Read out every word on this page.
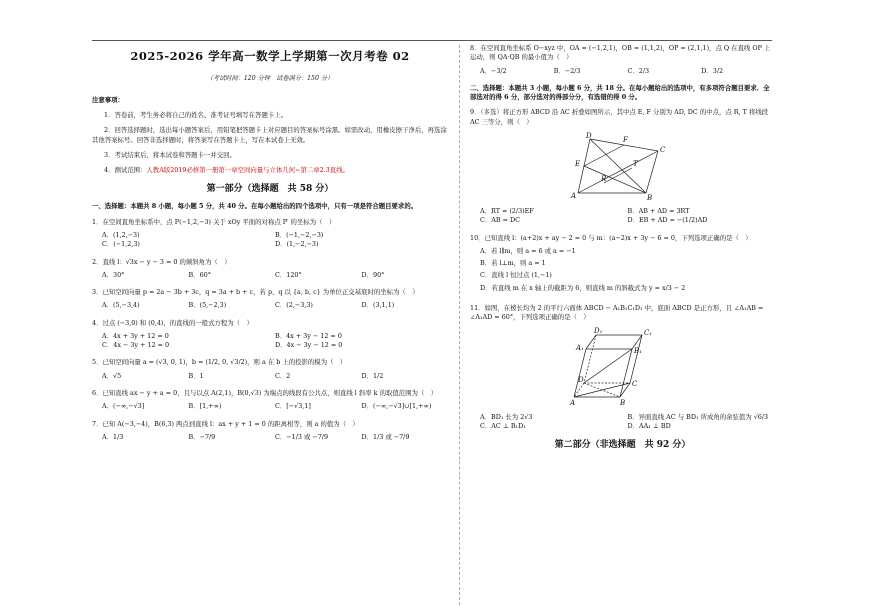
2025-2026 学年高一数学上学期第一次月考卷 02
（考试时间：120 分钟　试卷满分：150 分）
注意事项：
1．答卷前，考生务必将自己的姓名、准考证号填写在答题卡上。
2．回答选择题时，选出每小题答案后，用铅笔把答题卡上对应题目的答案标号涂黑。如需改动，用橡皮擦干净后，再选涂其他答案标号。回答非选择题时，将答案写在答题卡上，写在本试卷上无效。
3．考试结束后，将本试卷和答题卡一并交回。
4．测试范围：人教A版2019必修第一册第一章空间向量与立体几何~第二章2.3直线。
第一部分（选择题　共 58 分）
一、选择题：本题共 8 小题，每小题 5 分，共 40 分。在每小题给出的四个选项中，只有一项是符合题目要求的。
1．在空间直角坐标系中，点 P(−1,2,−3) 关于 xOy 平面的对称点 P′ 的坐标为（　）
A．(1,2,−3)	B．(−1,−2,−3)
C．(−1,2,3)	D．(1,−2,−3)
2．直线 l：√3x − y − 3 = 0 的倾斜角为（　）
A．30°	B．60°	C．120°	D．90°
3．已知空间向量 p = 2a − 3b + 3c，q = 3a + b + c，若 p、q 以 {a, b, c} 为单位正交基底时的坐标为（　）
A．(5,−3,4)	B．(5,−2,3)	C．(2,−3,3)	D．(3,1,1)
4．过点 (−3,0) 和 (0,4)，的直线的一般式方程为（　）
A．4x + 3y + 12 = 0	B．4x + 3y − 12 = 0
C．4x − 3y + 12 = 0	D．4x − 3y − 12 = 0
5．已知空间向量 a = (√3, 0, 1)，b = (1/2, 0, √3/2)，则 a 在 b 上的投影的模为（　）
A．√5	B．1	C．2	D．1/2
6．已知直线 ax − y + a = 0，且与以点 A(2,1)，B(0,√3) 为端点的线段有公共点，则直线 l 斜率 k 的取值范围为（　）
A．(−∞,−√3]	B．[1,+∞)	C．[−√3,1]	D．(−∞,−√3]∪[1,+∞)
7．已知 A(−3,−4)，B(6,3) 两点到直线 l：ax + y + 1 = 0 的距离相等，则 a 的值为（　）
A．1/3	B．−7/9	C．−1/3 或 −7/9	D．1/3 或 −7/9
8．在空间直角坐标系 O−xyz 中，OA = (−1,2,1)，OB = (1,1,2)，OP = (2,1,1)，点 Q 在直线 OP 上运动，则 QA·QB 的最小值为（　）
A．−3/2	B．−2/3	C．2/3	D．3/2
二、选择题：本题共 3 小题，每小题 6 分，共 18 分。在每小题给出的选项中，有多项符合题目要求．全部选对的得 6 分，部分选对的得部分分，有选错的得 0 分。
9．（多选）将正方形 ABCD 沿 AC 折叠如图所示，其中点 E, F 分别为 AD, DC 的中点，点 R, T 将线段 AC 三等分，则（　）
D	F
C
E
R
T
A	B
A．RT = (2/3)EF	B．AB + AD = 3RT
C．AB = DC	D．EB + AD = −(1/2)AD
10．已知直线 l：(a+2)x + ay − 2 = 0 与 m：(a−2)x + 3y − 6 = 0，下列选项正确的是（　）
A．若 l∥m，则 a = 6 或 a = −1
B．若 l⊥m，则 a = 1
C．直线 l 恒过点 (1,−1)
D．若直线 m 在 x 轴上的截距为 6，则直线 m 的斜截式为 y = x/3 − 2
11．如图，在棱长均为 2 的平行六面体 ABCD − A₁B₁C₁D₁ 中，底面 ABCD 是正方形，且 ∠A₁AB = ∠A₁AD = 60°，下列选项正确的是（　）
D₁	C₁
A₁	B₁
D	C
A	B
A．BD₁ 长为 2√3	B．异面直线 AC 与 BD₁ 所成角的余弦值为 √6/3
C．AC ⊥ B₁D₁	D．AA₁ ⊥ BD
第二部分（非选择题　共 92 分）
